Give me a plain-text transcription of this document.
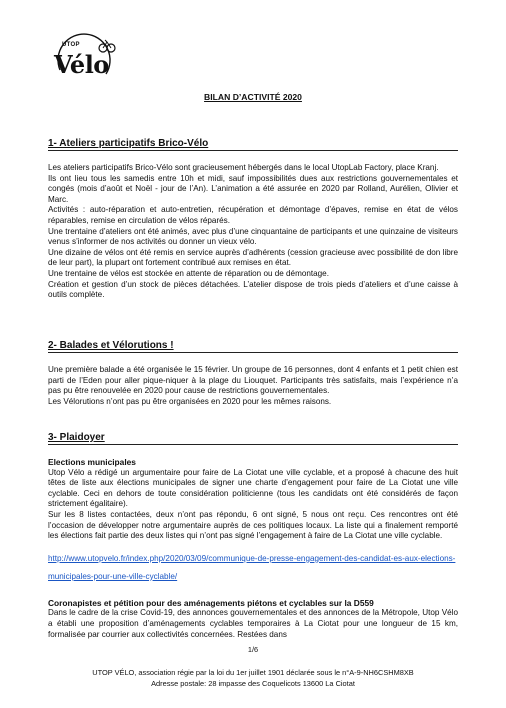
UTOP
Vélo
BILAN D’ACTIVITÉ 2020
1- Ateliers participatifs Brico-Vélo

Les ateliers participatifs Brico-Vélo sont gracieusement hébergés dans le local UtopLab Factory, place Kranj.

Ils ont lieu tous les samedis entre 10h et midi, sauf impossibilités dues aux restrictions gouvernementales et congés (mois d’août et Noël - jour de l’An). L’animation a été assurée en 2020 par Rolland, Aurélien, Olivier et Marc.

Activités : auto-réparation et auto-entretien, récupération et démontage d’épaves, remise en état de vélos réparables, remise en circulation de vélos réparés.

Une trentaine d’ateliers ont été animés, avec plus d’une cinquantaine de participants et une quinzaine de visiteurs venus s’informer de nos activités ou donner un vieux vélo.

Une dizaine de vélos ont été remis en service auprès d’adhérents (cession gracieuse avec possibilité de don libre de leur part), la plupart ont fortement contribué aux remises en état.

Une trentaine de vélos est stockée en attente de réparation ou de démontage.

Création et gestion d’un stock de pièces détachées. L’atelier dispose de trois pieds d’ateliers et d’une caisse à outils complète.

2- Balades et Vélorutions !

Une première balade a été organisée le 15 février. Un groupe de 16 personnes, dont 4 enfants et 1 petit chien est parti de l’Eden pour aller pique-niquer à la plage du Liouquet. Participants très satisfaits, mais l’expérience n’a pas pu être renouvelée en 2020 pour cause de restrictions gouvernementales.

Les Vélorutions n’ont pas pu être organisées en 2020 pour les mêmes raisons.

3- Plaidoyer
Elections municipales

Utop Vélo a rédigé un argumentaire pour faire de La Ciotat une ville cyclable, et a proposé à chacune des huit têtes de liste aux élections municipales de signer une charte d’engagement pour faire de La Ciotat une ville cyclable. Ceci en dehors de toute considération politicienne (tous les candidats ont été considérés de façon strictement égalitaire).

Sur les 8 listes contactées, deux n’ont pas répondu, 6 ont signé, 5 nous ont reçu. Ces rencontres ont été l’occasion de développer notre argumentaire auprès de ces politiques locaux. La liste qui a finalement remporté les élections fait partie des deux listes qui n’ont pas signé l’engagement à faire de La Ciotat une ville cyclable.

http://www.utopvelo.fr/index.php/2020/03/09/communique-de-presse-engagement-des-candidat-es-aux-elections-municipales-pour-une-ville-cyclable/
Coronapistes et pétition pour des aménagements piétons et cyclables sur la D559

Dans le cadre de la crise Covid-19, des annonces gouvernementales et des annonces de la Métropole, Utop Vélo a établi une proposition d’aménagements cyclables temporaires à La Ciotat pour une longueur de 15 km, formalisée par courrier aux collectivités concernées. Restées dans

1/6
UTOP VÉLO, association régie par la loi du 1er juillet 1901 déclarée sous le n°A-9-NH6CSHM8XB
Adresse postale: 28 impasse des Coquelicots 13600 La Ciotat
